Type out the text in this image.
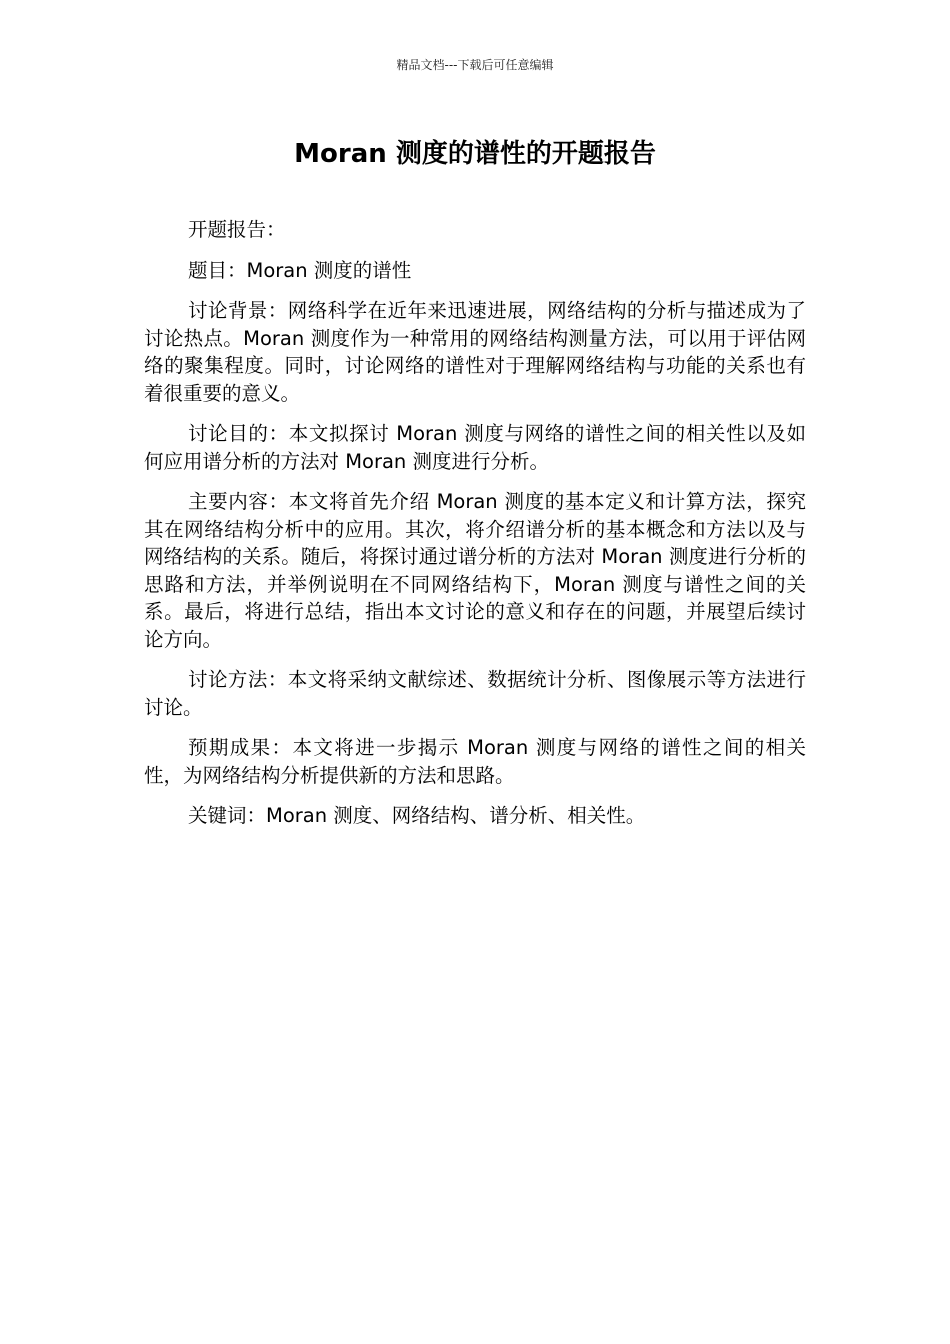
精品文档---下载后可任意编辑
Moran 测度的谱性的开题报告

开题报告：

题目：Moran 测度的谱性

讨论背景：网络科学在近年来迅速进展，网络结构的分析与描述成为了讨论热点。Moran 测度作为一种常用的网络结构测量方法，可以用于评估网络的聚集程度。同时，讨论网络的谱性对于理解网络结构与功能的关系也有着很重要的意义。

讨论目的：本文拟探讨 Moran 测度与网络的谱性之间的相关性以及如何应用谱分析的方法对 Moran 测度进行分析。

主要内容：本文将首先介绍 Moran 测度的基本定义和计算方法，探究其在网络结构分析中的应用。其次，将介绍谱分析的基本概念和方法以及与网络结构的关系。随后，将探讨通过谱分析的方法对 Moran 测度进行分析的思路和方法，并举例说明在不同网络结构下，Moran 测度与谱性之间的关系。最后，将进行总结，指出本文讨论的意义和存在的问题，并展望后续讨论方向。

讨论方法：本文将采纳文献综述、数据统计分析、图像展示等方法进行讨论。

预期成果：本文将进一步揭示 Moran 测度与网络的谱性之间的相关性，为网络结构分析提供新的方法和思路。

关键词：Moran 测度、网络结构、谱分析、相关性。
